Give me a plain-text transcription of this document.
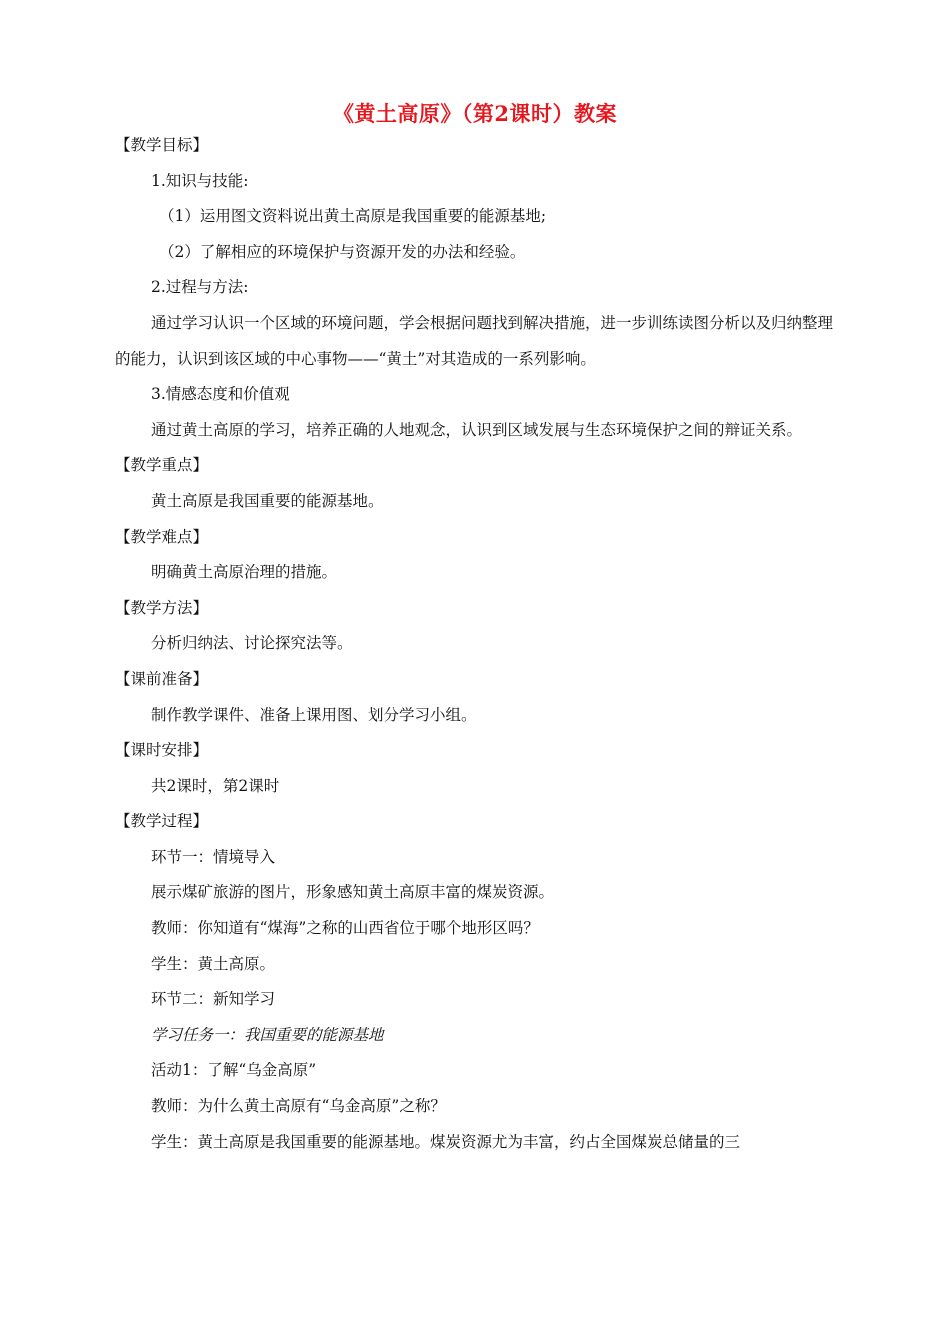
《黄土高原》（第2课时）教案

【教学目标】

1.知识与技能:

（1）运用图文资料说出黄土高原是我国重要的能源基地;

（2）了解相应的环境保护与资源开发的办法和经验。

2.过程与方法:

通过学习认识一个区域的环境问题，学会根据问题找到解决措施，进一步训练读图分析以及归纳整理的能力，认识到该区域的中心事物——“黄土”对其造成的一系列影响。

3.情感态度和价值观

通过黄土高原的学习，培养正确的人地观念，认识到区域发展与生态环境保护之间的辩证关系。

【教学重点】

黄土高原是我国重要的能源基地。

【教学难点】

明确黄土高原治理的措施。

【教学方法】

分析归纳法、讨论探究法等。

【课前准备】

制作教学课件、准备上课用图、划分学习小组。

【课时安排】

共2课时，第2课时

【教学过程】

环节一：情境导入

展示煤矿旅游的图片，形象感知黄土高原丰富的煤炭资源。

教师：你知道有“煤海”之称的山西省位于哪个地形区吗？

学生：黄土高原。

环节二：新知学习

学习任务一：我国重要的能源基地

活动1：了解“乌金高原”

教师：为什么黄土高原有“乌金高原”之称？

学生：黄土高原是我国重要的能源基地。煤炭资源尤为丰富，约占全国煤炭总储量的三
